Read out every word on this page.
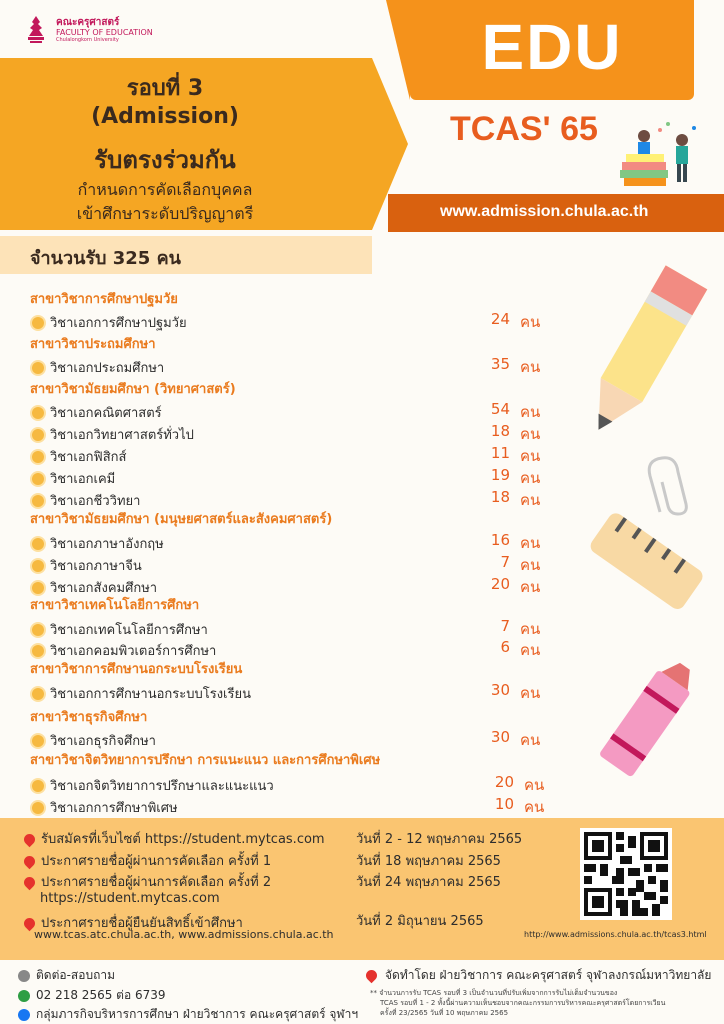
คณะครุศาสตร์
FACULTY OF EDUCATION
Chulalongkorn University	EDU
TCAS' 65
รอบที่ 3
(Admission)
รับตรงร่วมกัน
กำหนดการคัดเลือกบุคคล
เข้าศึกษาระดับปริญญาตรี	www.admission.chula.ac.th
จำนวนรับ 325 คน
สาขาวิชาการศึกษาปฐมวัย
วิชาเอกการศึกษาปฐมวัย	24 คน
สาขาวิชาประถมศึกษา
วิชาเอกประถมศึกษา	35 คน
สาขาวิชามัธยมศึกษา (วิทยาศาสตร์)
วิชาเอกคณิตศาสตร์	54 คน
วิชาเอกวิทยาศาสตร์ทั่วไป	18 คน
วิชาเอกฟิสิกส์	11 คน
วิชาเอกเคมี	19 คน
วิชาเอกชีววิทยา	18 คน
สาขาวิชามัธยมศึกษา (มนุษยศาสตร์และสังคมศาสตร์)
วิชาเอกภาษาอังกฤษ	16 คน
วิชาเอกภาษาจีน	7 คน
วิชาเอกสังคมศึกษา	20 คน
สาขาวิชาเทคโนโลยีการศึกษา
วิชาเอกเทคโนโลยีการศึกษา	7 คน
วิชาเอกคอมพิวเตอร์การศึกษา	6 คน
สาขาวิชาการศึกษานอกระบบโรงเรียน
วิชาเอกการศึกษานอกระบบโรงเรียน	30 คน
สาขาวิชาธุรกิจศึกษา
วิชาเอกธุรกิจศึกษา	30 คน
สาขาวิชาจิตวิทยาการปรึกษา การแนะแนว และการศึกษาพิเศษ
วิชาเอกจิตวิทยาการปรึกษาและแนะแนว	20 คน
วิชาเอกการศึกษาพิเศษ	10 คน
รับสมัครที่เว็บไซต์ https://student.mytcas.com วันที่ 2 - 12 พฤษภาคม 2565
ประกาศรายชื่อผู้ผ่านการคัดเลือก ครั้งที่ 1	วันที่ 18 พฤษภาคม 2565
ประกาศรายชื่อผู้ผ่านการคัดเลือก ครั้งที่ 2
https://student.mytcas.com
วันที่ 24 พฤษภาคม 2565
ประกาศรายชื่อผู้ยืนยันสิทธิ์เข้าศึกษา	วันที่ 2 มิถุนายน 2565
www.tcas.atc.chula.ac.th, www.admissions.chula.ac.th	http://www.admissions.chula.ac.th/tcas3.html
ติดต่อ-สอบถาม
02 218 2565 ต่อ 6739
กลุ่มภารกิจบริหารการศึกษา ฝ่ายวิชาการ คณะครุศาสตร์ จุฬาฯ
จัดทำโดย ฝ่ายวิชาการ คณะครุศาสตร์ จุฬาลงกรณ์มหาวิทยาลัย
** จำนวนการรับ TCAS รอบที่ 3 เป็นจำนวนที่ปรับเพิ่มจากการรับไม่เต็มจำนวนของ
TCAS รอบที่ 1 - 2 ทั้งนี้ผ่านความเห็นชอบจากคณะกรรมการบริหารคณะครุศาสตร์โดยการเวียน
ครั้งที่ 23/2565 วันที่ 10 พฤษภาคม 2565
